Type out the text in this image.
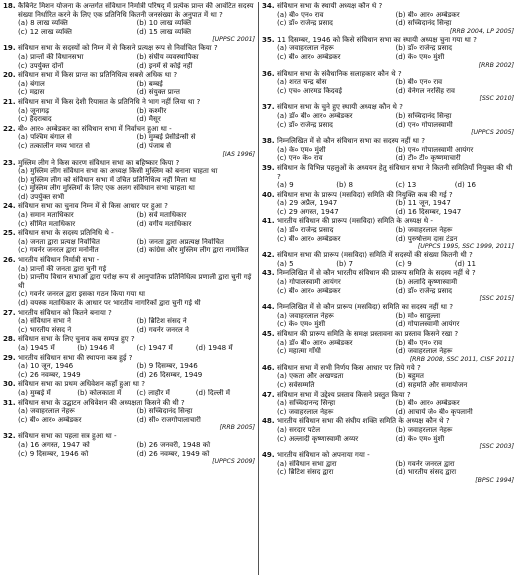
18. कैबिनेट मिशन योजना के अन्तर्गत संविधान निर्मात्री परिषद् में प्रत्येक प्रान्त की आवंटित सदस्य संख्या निर्धारित करने के लिए एक प्रतिनिधि कितनी जनसंख्या के अनुपात में था ?
(a) 8 लाख व्यक्ति	(b) 10 लाख व्यक्ति
(c) 12 लाख व्यक्ति	(d) 15 लाख व्यक्ति
[UPPSC 2001]
19. संविधान सभा के सदस्यों को निम्न में से किसने प्रत्यक्ष रूप से निर्वाचित किया ?
(a) प्रान्तों की विधानसभा	(b) संघीय व्यवस्थापिका
(c) उपर्युक्त दोनों	(d) इनमें से कोई नहीं
20. संविधान सभा में किस प्रान्त का प्रतिनिधित्व सबसे अधिक था ?
(a) बंगाल	(b) बम्बई
(c) मद्रास	(d) संयुक्त प्रान्त
21. संविधान सभा में किस देशी रियासत के प्रतिनिधि ने भाग नहीं लिया था ?
(a) जूनागढ़	(b) कश्मीर
(c) हैदराबाद	(d) मैसूर
22. बी० आर० अम्बेडकर का संविधान सभा में निर्वाचन हुआ था -
(a) पश्चिम बंगाल से	(b) मुम्बई प्रेसीडेन्सी से
(c) तत्कालीन मध्य भारत से	(d) पंजाब से
[IAS 1996]
23. मुस्लिम लीग ने किस कारण संविधान सभा का बहिष्कार किया ?
(a) मुस्लिम लीग संविधान सभा का अध्यक्ष किसी मुस्लिम को बनाना चाहता था
(b) मुस्लिम लीग को संविधान सभा में उचित प्रतिनिधित्व नहीं मिला था
(c) मुस्लिम लीग मुस्लिमों के लिए एक अलग संविधान सभा चाहता था
(d) उपर्युक्त सभी
24. संविधान सभा का चुनाव निम्न में से किस आधार पर हुआ ?
(a) समान मताधिकार	(b) सर्व मताधिकार
(c) सीमित मताधिकार	(d) वर्गीय मताधिकार
25. संविधान सभा के सदस्य प्रतिनिधि थे -
(a) जनता द्वारा प्रत्यक्ष निर्वाचित	(b) जनता द्वारा अप्रत्यक्ष निर्वाचित
(c) गवर्नर जनरल द्वारा मनोनीत	(d) कांग्रेस और मुस्लिम लीग द्वारा नामांकित
26. भारतीय संविधान निर्मात्री सभा -
(a) प्रान्तों की जनता द्वारा चुनी गई
(b) प्रान्तीय विधान सभाओं द्वारा परोक्ष रूप से आनुपातिक प्रतिनिधित्व प्रणाली द्वारा चुनी गई थी
(c) गवर्नर जनरल द्वारा इसका गठन किया गया था
(d) वयस्क मताधिकार के आधार पर भारतीय नागरिकों द्वारा चुनी गई थी
27. भारतीय संविधान को कितने बनाया ?
(a) संविधान सभा ने	(b) ब्रिटिश संसद ने
(c) भारतीय संसद ने	(d) गवर्नर जनरल ने
28. संविधान सभा के लिए चुनाव कब सम्पन्न हुए ?
(a) 1945 में	(b) 1946 में	(c) 1947 में	(d) 1948 में
29. भारतीय संविधान सभा की स्थापना कब हुई ?
(a) 10 जून, 1946	(b) 9 दिसम्बर, 1946
(c) 26 नवम्बर, 1949	(d) 26 दिसम्बर, 1949
30. संविधान सभा का प्रथम अधिवेशन कहाँ हुआ था ?
(a) मुम्बई में	(b) कोलकाता में	(c) लाहौर में	(d) दिल्ली में
31. संविधान सभा के उद्घाटन अधिवेशन की अध्यक्षता किसने की थी ?
(a) जवाहरलाल नेहरू	(b) सच्चिदानंद सिन्हा
(c) बी० आर० अम्बेडकर	(d) सी० राजगोपालाचारी
[RRB 2005]
32. संविधान सभा का पहला सत्र हुआ था -
(a) 16 अगस्त, 1947 को	(b) 26 जनवरी, 1948 को
(c) 9 दिसम्बर, 1946 को	(d) 26 नवम्बर, 1949 को
[UPPCS 2009]
34. संविधान सभा के स्थायी अध्यक्ष कौन थे ?
(a) बी० एन० राव	(b) बी० आर० अम्बेडकर
(c) डॉ० राजेन्द्र प्रसाद	(d) सच्चिदानंद सिन्हा
[RRB 2004, LP 2005]
35. 11 दिसम्बर, 1946 को किसे संविधान सभा का स्थायी अध्यक्ष चुना गया था ?
(a) जवाहरलाल नेहरू	(b) डॉ० राजेन्द्र प्रसाद
(c) बी० आर० अम्बेडकर	(d) के० एम० मुंशी
[RRB 2002]
36. संविधान सभा के संवैधानिक सलाहकार कौन थे ?
(a) शरत चन्द्र बोस	(b) बी० एन० राव
(c) एच० आरमड किदवई	(d) वेनेगल नरसिंह राव
[SSC 2010]
37. संविधान सभा के चुने हुए स्थायी अध्यक्ष कौन थे ?
(a) डॉ० बी० आर० अम्बेडकर	(b) सच्चिदानंद सिन्हा
(c) डॉ० राजेन्द्र प्रसाद	(d) एन० गोपालस्वामी
[UPPCS 2005]
38. निम्नलिखित में से कौन संविधान सभा का सदस्य नहीं था ?
(a) के० एम० मुंशी	(b) एन० गोपालस्वामी आयंगर
(c) एन० के० राव	(d) टी० टी० कृष्णमाचारी
39. संविधान के विभिन्न पहलुओं के अध्ययन हेतु संविधान सभा ने कितनी समितियाँ नियुक्त की थी ?
(a) 9	(b) 8	(c) 13	(d) 16
40. संविधान सभा के प्रारूप (मसविदा) समिति की नियुक्ति कब की गई ?
(a) 29 अप्रैल, 1947	(b) 11 जून, 1947
(c) 29 अगस्त, 1947	(d) 16 दिसम्बर, 1947
41. भारतीय संविधान की प्रारूप (मसविदा) समिति के अध्यक्ष थे -
(a) डॉ० राजेन्द्र प्रसाद	(b) जवाहरलाल नेहरू
(c) बी० आर० अम्बेडकर	(d) पुरुषोत्तम दास टंडन
[UPPCS 1995, SSC 1999, 2011]
42. संविधान सभा की प्रारूप (मसविदा) समिति में सदस्यों की संख्या कितनी थी ?
(a) 5	(b) 7	(c) 9	(d) 11
43. निम्नलिखित में से कौन भारतीय संविधान की प्रारूप समिति के सदस्य नहीं थे ?
(a) गोपालस्वामी आयंगर	(b) अलादि कृष्णास्वामी
(c) बी० आर० अम्बेडकर	(d) डॉ० राजेन्द्र प्रसाद
[SSC 2015]
44. निम्नलिखित में से कौन प्रारूप (मसविदा) समिति का सदस्य नहीं था ?
(a) जवाहरलाल नेहरू	(b) मो० सादुल्ला
(c) के० एम० मुंशी	(d) गोपालस्वामी आयंगर
45. संविधान की प्रारूप समिति के समक्ष प्रस्तावना का प्रस्ताव किसने रखा ?
(a) डॉ० बी० आर० अम्बेडकर	(b) बी० एन० राव
(c) महात्मा गाँधी	(d) जवाहरलाल नेहरू
[RRB 2008, SSC 2011, CISF 2011]
46. संविधान सभा में सभी निर्णय किस आधार पर लिये गये ?
(a) एकता और अखण्डता	(b) बहुमत
(c) सर्वसम्मति	(d) सहमति और समायोजन
47. संविधान सभा में उद्देश्य प्रस्ताव किसने प्रस्तुत किया ?
(a) सच्चिदानन्द सिन्हा	(b) बी० आर० अम्बेडकर
(c) जवाहरलाल नेहरू	(d) आचार्य जे० बी० कृपलानी
48. भारतीय संविधान सभा की संघीय शक्ति समिति के अध्यक्ष कौन थे ?
(a) सरदार पटेल	(b) जवाहरलाल नेहरू
(c) अल्लादी कृष्णास्वामी अय्यर	(d) के० एम० मुंशी
[SSC 2003]
49. भारतीय संविधान को अपनाया गया -
(a) संविधान सभा द्वारा	(b) गवर्नर जनरल द्वारा
(c) ब्रिटिश संसद द्वारा	(d) भारतीय संसद द्वारा
[BPSC 1994]
